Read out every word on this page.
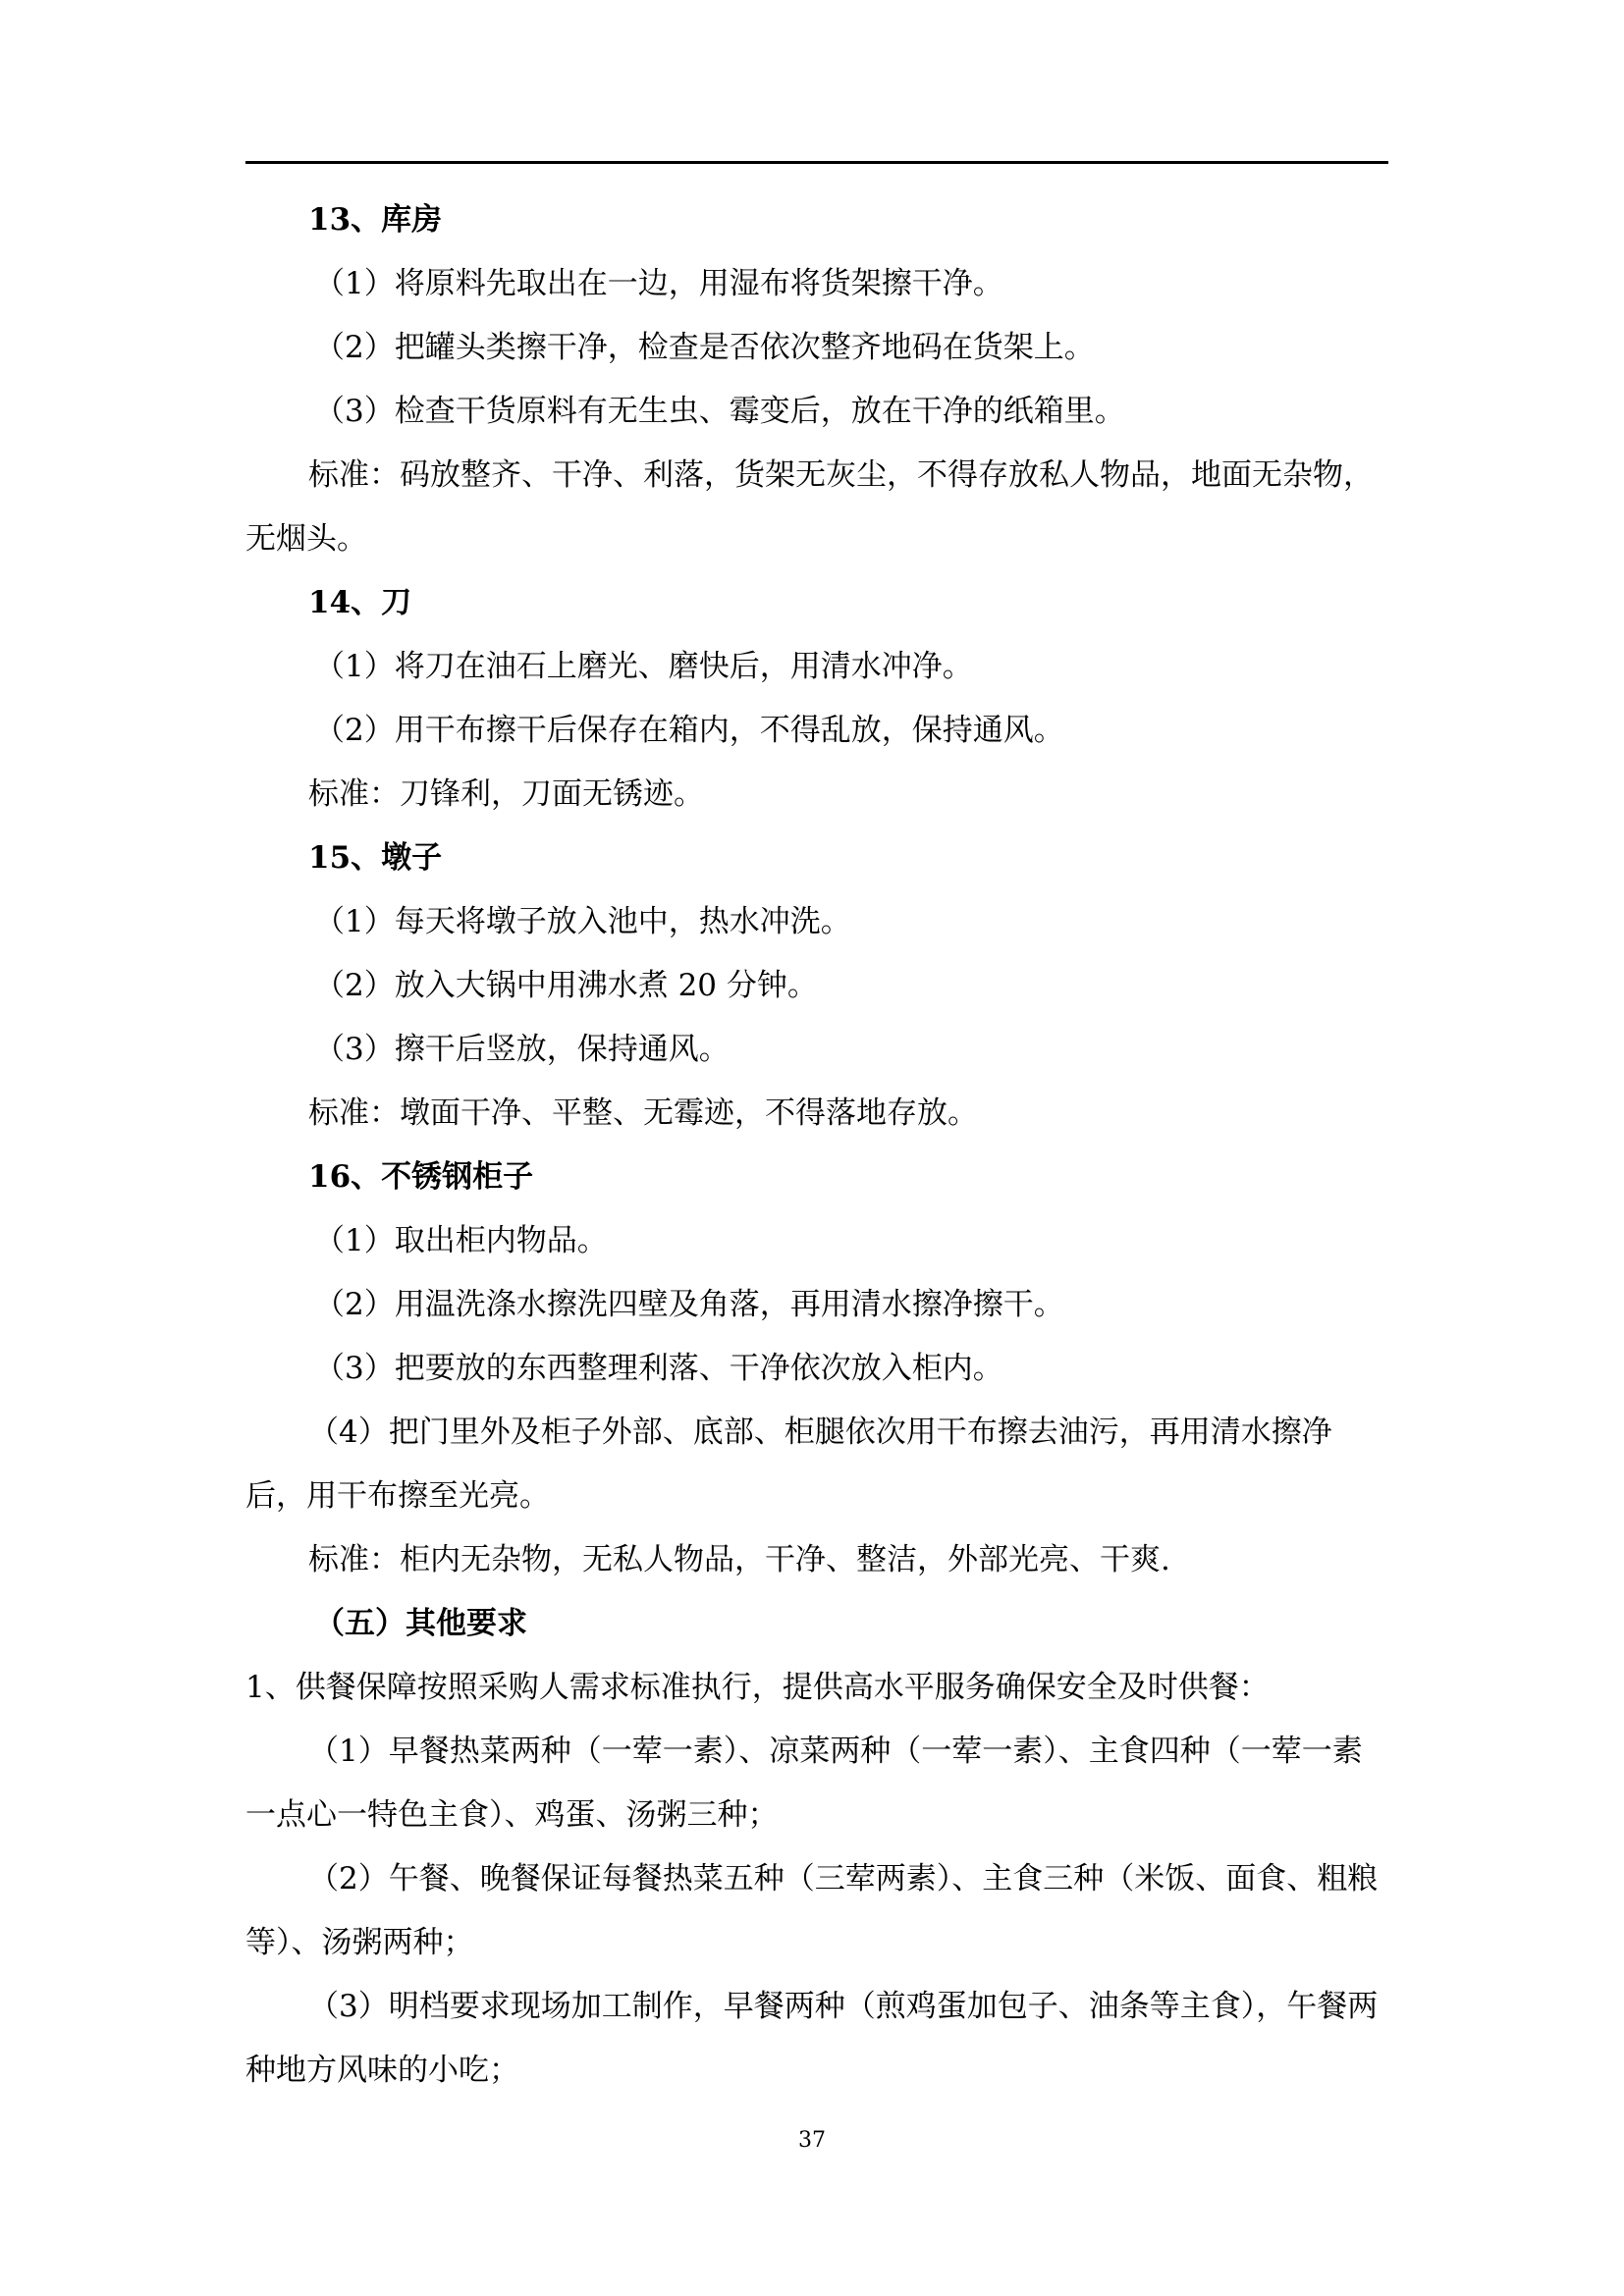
13、库房
（1）将原料先取出在一边，用湿布将货架擦干净。
（2）把罐头类擦干净，检查是否依次整齐地码在货架上。
（3）检查干货原料有无生虫、霉变后，放在干净的纸箱里。
标准：码放整齐、干净、利落，货架无灰尘，不得存放私人物品，地面无杂物，无烟头。
14、刀
（1）将刀在油石上磨光、磨快后，用清水冲净。
（2）用干布擦干后保存在箱内，不得乱放，保持通风。
标准：刀锋利，刀面无锈迹。
15、墩子
（1）每天将墩子放入池中，热水冲洗。
（2）放入大锅中用沸水煮 20 分钟。
（3）擦干后竖放，保持通风。
标准：墩面干净、平整、无霉迹，不得落地存放。
16、不锈钢柜子
（1）取出柜内物品。
（2）用温洗涤水擦洗四壁及角落，再用清水擦净擦干。
（3）把要放的东西整理利落、干净依次放入柜内。
（4）把门里外及柜子外部、底部、柜腿依次用干布擦去油污，再用清水擦净后，用干布擦至光亮。
标准：柜内无杂物，无私人物品，干净、整洁，外部光亮、干爽.
（五）其他要求
1、供餐保障按照采购人需求标准执行，提供高水平服务确保安全及时供餐：
（1）早餐热菜两种（一荤一素）、凉菜两种（一荤一素）、主食四种（一荤一素一点心一特色主食）、鸡蛋、汤粥三种；
（2）午餐、晚餐保证每餐热菜五种（三荤两素）、主食三种（米饭、面食、粗粮等）、汤粥两种；
（3）明档要求现场加工制作，早餐两种（煎鸡蛋加包子、油条等主食），午餐两种地方风味的小吃；
37
